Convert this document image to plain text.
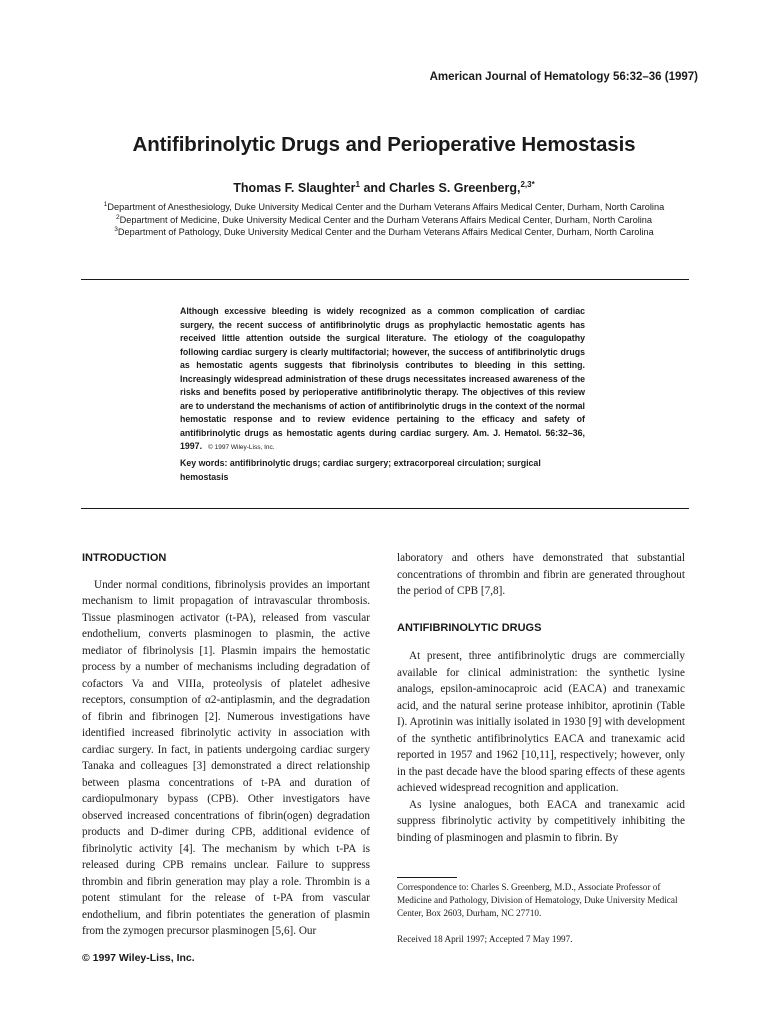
American Journal of Hematology 56:32–36 (1997)
Antifibrinolytic Drugs and Perioperative Hemostasis
Thomas F. Slaughter$^1$ and Charles S. Greenberg,$^{2,3*}$
$^1$Department of Anesthesiology, Duke University Medical Center and the Durham Veterans Affairs Medical Center, Durham, North Carolina
$^2$Department of Medicine, Duke University Medical Center and the Durham Veterans Affairs Medical Center, Durham, North Carolina
$^3$Department of Pathology, Duke University Medical Center and the Durham Veterans Affairs Medical Center, Durham, North Carolina
Although excessive bleeding is widely recognized as a common complication of cardiac surgery, the recent success of antifibrinolytic drugs as prophylactic hemostatic agents has received little attention outside the surgical literature. The etiology of the coagulopathy following cardiac surgery is clearly multifactorial; however, the success of antifibrinolytic drugs as hemostatic agents suggests that fibrinolysis contributes to bleeding in this setting. Increasingly widespread administration of these drugs necessitates increased awareness of the risks and benefits posed by perioperative antifibrinolytic therapy. The objectives of this review are to understand the mechanisms of action of antifibrinolytic drugs in the context of the normal hemostatic response and to review evidence pertaining to the efficacy and safety of antifibrinolytic drugs as hemostatic agents during cardiac surgery. Am. J. Hematol. 56:32–36, 1997. © 1997 Wiley-Liss, Inc.
Key words: antifibrinolytic drugs; cardiac surgery; extracorporeal circulation; surgical hemostasis
INTRODUCTION

Under normal conditions, fibrinolysis provides an important mechanism to limit propagation of intravascular thrombosis. Tissue plasminogen activator (t-PA), released from vascular endothelium, converts plasminogen to plasmin, the active mediator of fibrinolysis [1]. Plasmin impairs the hemostatic process by a number of mechanisms including degradation of cofactors Va and VIIIa, proteolysis of platelet adhesive receptors, consumption of α2-antiplasmin, and the degradation of fibrin and fibrinogen [2]. Numerous investigations have identified increased fibrinolytic activity in association with cardiac surgery. In fact, in patients undergoing cardiac surgery Tanaka and colleagues [3] demonstrated a direct relationship between plasma concentrations of t-PA and duration of cardiopulmonary bypass (CPB). Other investigators have observed increased concentrations of fibrin(ogen) degradation products and D-dimer during CPB, additional evidence of fibrinolytic activity [4]. The mechanism by which t-PA is released during CPB remains unclear. Failure to suppress thrombin and fibrin generation may play a role. Thrombin is a potent stimulant for the release of t-PA from vascular endothelium, and fibrin potentiates the generation of plasmin from the zymogen precursor plasminogen [5,6]. Our

laboratory and others have demonstrated that substantial concentrations of thrombin and fibrin are generated throughout the period of CPB [7,8].

ANTIFIBRINOLYTIC DRUGS

At present, three antifibrinolytic drugs are commercially available for clinical administration: the synthetic lysine analogs, epsilon-aminocaproic acid (EACA) and tranexamic acid, and the natural serine protease inhibitor, aprotinin (Table I). Aprotinin was initially isolated in 1930 [9] with development of the synthetic antifibrinolytics EACA and tranexamic acid reported in 1957 and 1962 [10,11], respectively; however, only in the past decade have the blood sparing effects of these agents achieved widespread recognition and application.

As lysine analogues, both EACA and tranexamic acid suppress fibrinolytic activity by competitively inhibiting the binding of plasminogen and plasmin to fibrin. By

Correspondence to: Charles S. Greenberg, M.D., Associate Professor of Medicine and Pathology, Division of Hematology, Duke University Medical Center, Box 2603, Durham, NC 27710.
Received 18 April 1997; Accepted 7 May 1997.
© 1997 Wiley-Liss, Inc.
